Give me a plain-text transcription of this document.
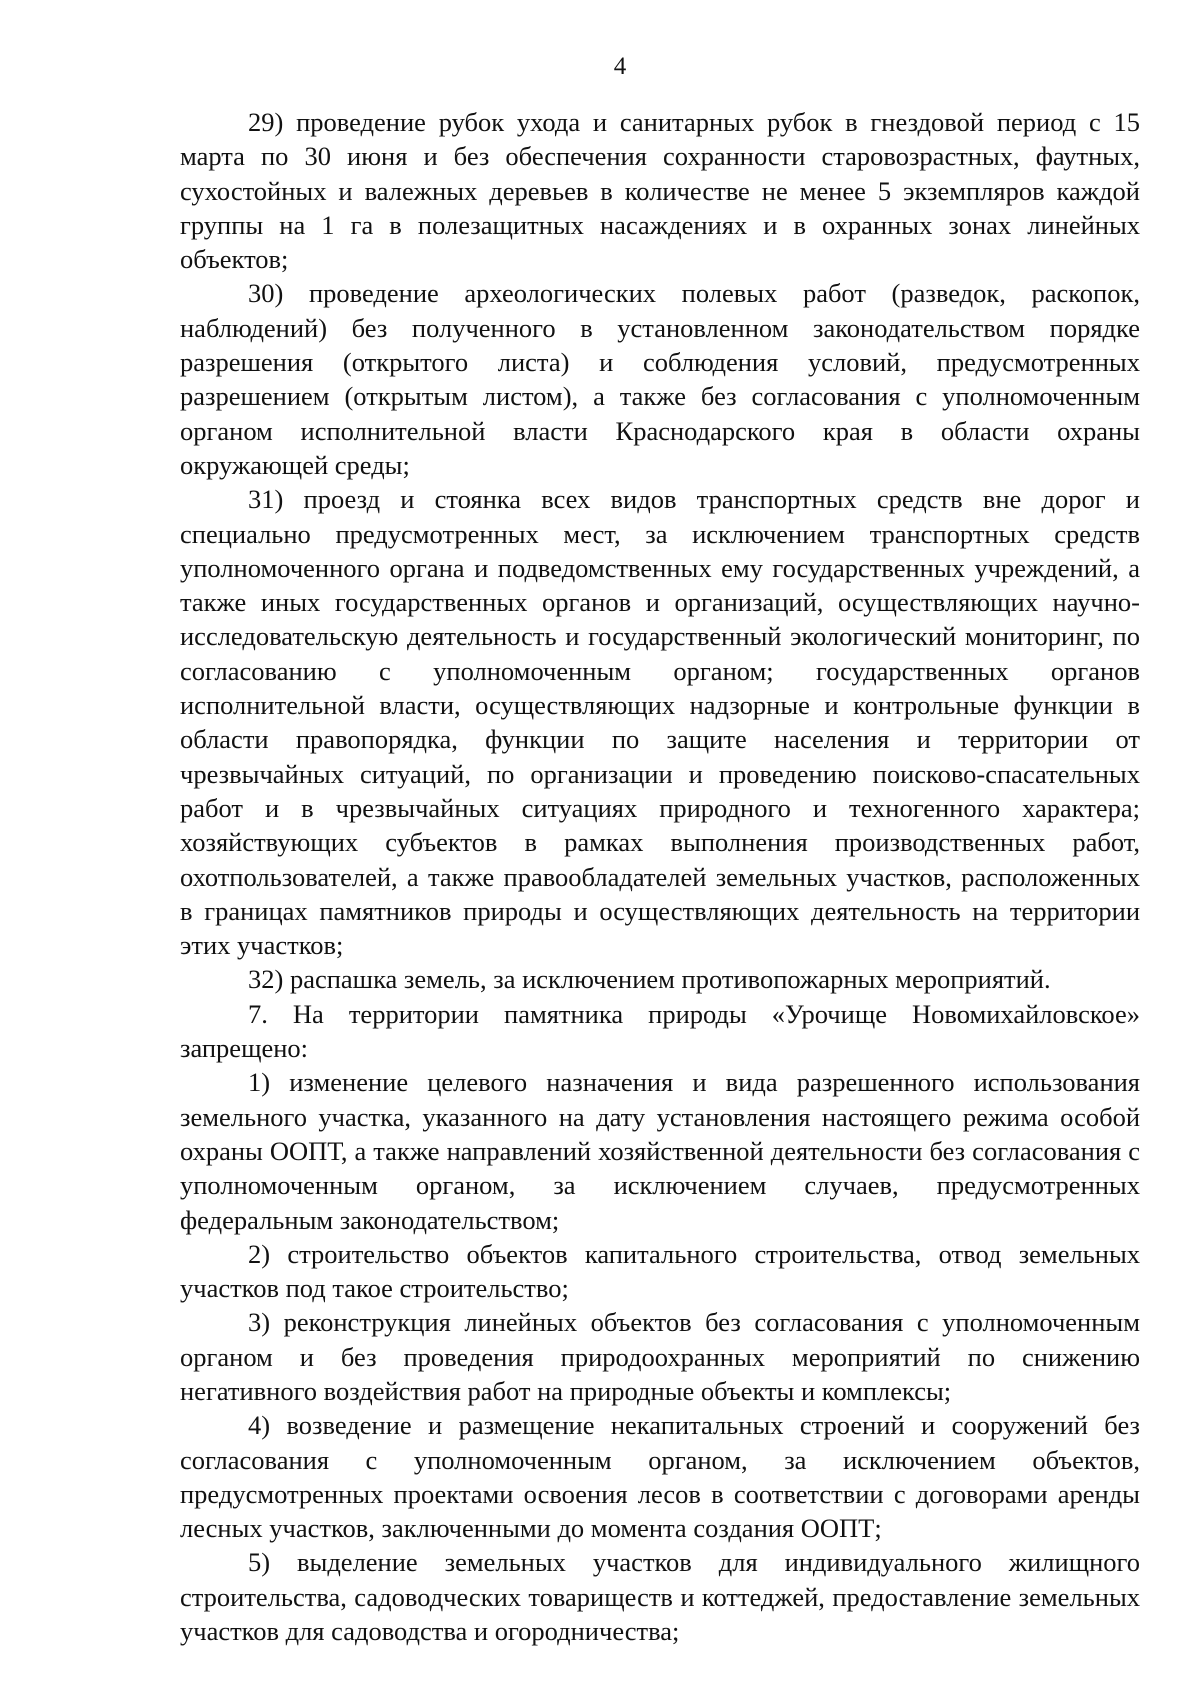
4

29) проведение рубок ухода и санитарных рубок в гнездовой период с 15 марта по 30 июня и без обеспечения сохранности старовозрастных, фаутных, сухостойных и валежных деревьев в количестве не менее 5 экземпляров каждой группы на 1 га в полезащитных насаждениях и в охранных зонах линейных объектов;

30) проведение археологических полевых работ (разведок, раскопок, наблюдений) без полученного в установленном законодательством порядке разрешения (открытого листа) и соблюдения условий, предусмотренных разрешением (открытым листом), а также без согласования с уполномоченным органом исполнительной власти Краснодарского края в области охраны окружающей среды;

31) проезд и стоянка всех видов транспортных средств вне дорог и специально предусмотренных мест, за исключением транспортных средств уполномоченного органа и подведомственных ему государственных учреждений, а также иных государственных органов и организаций, осуществляющих научно-исследовательскую деятельность и государственный экологический мониторинг, по согласованию с уполномоченным органом; государственных органов исполнительной власти, осуществляющих надзорные и контрольные функции в области правопорядка, функции по защите населения и территории от чрезвычайных ситуаций, по организации и проведению поисково-спасательных работ и в чрезвычайных ситуациях природного и техногенного характера; хозяйствующих субъектов в рамках выполнения производственных работ, охотпользователей, а также правообладателей земельных участков, расположенных в границах памятников природы и осуществляющих деятельность на территории этих участков;

32) распашка земель, за исключением противопожарных мероприятий.

7. На территории памятника природы «Урочище Новомихайловское» запрещено:

1) изменение целевого назначения и вида разрешенного использования земельного участка, указанного на дату установления настоящего режима особой охраны ООПТ, а также направлений хозяйственной деятельности без согласования с уполномоченным органом, за исключением случаев, предусмотренных федеральным законодательством;

2) строительство объектов капитального строительства, отвод земельных участков под такое строительство;

3) реконструкция линейных объектов без согласования с уполномоченным органом и без проведения природоохранных мероприятий по снижению негативного воздействия работ на природные объекты и комплексы;

4) возведение и размещение некапитальных строений и сооружений без согласования с уполномоченным органом, за исключением объектов, предусмотренных проектами освоения лесов в соответствии с договорами аренды лесных участков, заключенными до момента создания ООПТ;

5) выделение земельных участков для индивидуального жилищного строительства, садоводческих товариществ и коттеджей, предоставление земельных участков для садоводства и огородничества;
